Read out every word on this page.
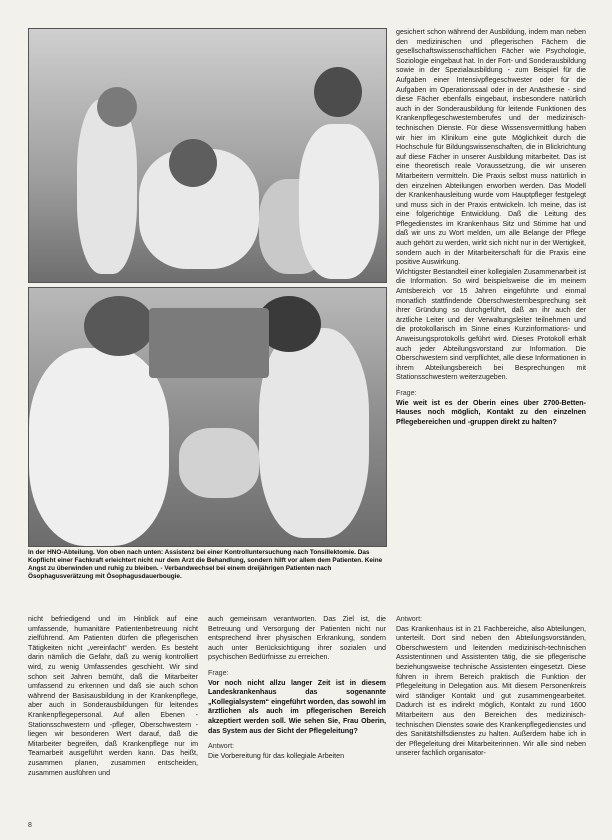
In der HNO-Abteilung. Von oben nach unten: Assistenz bei einer Kontrolluntersuchung nach Tonsillektomie. Das Kopflicht einer Fachkraft erleichtert nicht nur dem Arzt die Behandlung, sondern hilft vor allem dem Patienten. Keine Angst zu überwinden und ruhig zu bleiben. - Verbandwechsel bei einem dreijährigen Patienten nach Ösophagusverätzung mit Ösophagusdauerbougie.

gesichert schon während der Ausbildung, indem man neben den medizinischen und pflegerischen Fächern die gesellschaftswissenschaftlichen Fächer wie Psychologie, Soziologie eingebaut hat. In der Fort- und Sonderausbildung sowie in der Spezialausbildung - zum Beispiel für die Aufgaben einer Intensivpflegeschwester oder für die Aufgaben im Operationssaal oder in der Anästhesie - sind diese Fächer ebenfalls eingebaut, insbesondere natürlich auch in der Sonderausbildung für leitende Funktionen des Krankenpflegeschwesternberufes und der medizinisch-technischen Dienste. Für diese Wissensvermittlung haben wir hier im Klinikum eine gute Möglichkeit durch die Hochschule für Bildungswissenschaften, die in Blickrichtung auf diese Fächer in unserer Ausbildung mitarbeitet. Das ist eine theoretisch reale Voraussetzung, die wir unseren Mitarbeitern vermitteln. Die Praxis selbst muss natürlich in den einzelnen Abteilungen erworben werden. Das Modell der Krankenhausleitung wurde vom Hauptpfleger festgelegt und muss sich in der Praxis entwickeln. Ich meine, das ist eine folgerichtige Entwicklung. Daß die Leitung des Pflegedienstes im Krankenhaus Sitz und Stimme hat und daß wir uns zu Wort melden, um alle Belange der Pflege auch gehört zu werden, wirkt sich nicht nur in der Wertigkeit, sondern auch in der Mitarbeiterschaft für die Praxis eine positive Auswirkung.
Wichtigster Bestandteil einer kollegialen Zusammenarbeit ist die Information. So wird beispielsweise die im meinem Amtsbereich vor 15 Jahren eingeführte und einmal monatlich stattfindende Oberschwesternbesprechung seit ihrer Gründung so durchgeführt, daß an ihr auch der ärztliche Leiter und der Verwaltungsleiter teilnehmen und die protokollarisch im Sinne eines Kurzinformations- und Anweisungsprotokolls geführt wird. Dieses Protokoll erhält auch jeder Abteilungsvorstand zur Information. Die Oberschwestern sind verpflichtet, alle diese Informationen in ihrem Abteilungsbereich bei Besprechungen mit Stationsschwestern weiterzugeben.

Frage:
Wie weit ist es der Oberin eines über 2700-Betten-Hauses noch möglich, Kontakt zu den einzelnen Pflegebereichen und -gruppen direkt zu halten?

nicht befriedigend und im Hinblick auf eine umfassende, humanitäre Patientenbetreuung nicht zielführend. Am Patienten dürfen die pflegerischen Tätigkeiten nicht „vereinfacht“ werden. Es besteht darin nämlich die Gefahr, daß zu wenig kontrolliert wird, zu wenig Umfassendes geschieht. Wir sind schon seit Jahren bemüht, daß die Mitarbeiter umfassend zu erkennen und daß sie auch schon während der Basisausbildung in der Krankenpflege, aber auch in Sonderausbildungen für leitendes Krankenpflegepersonal. Auf allen Ebenen - Stationsschwestern und -pfleger, Oberschwestern - liegen wir besonderen Wert darauf, daß die Mitarbeiter begreifen, daß Krankenpflege nur im Teamarbeit ausgeführt werden kann. Das heißt, zusammen planen, zusammen entscheiden, zusammen ausführen und

auch gemeinsam verantworten. Das Ziel ist, die Betreuung und Versorgung der Patienten nicht nur entsprechend ihrer physischen Erkrankung, sondern auch unter Berücksichtigung ihrer sozialen und psychischen Bedürfnisse zu erreichen.

Frage:
Vor noch nicht allzu langer Zeit ist in diesem Landeskrankenhaus das sogenannte „Kollegialsystem“ eingeführt worden, das sowohl im ärztlichen als auch im pflegerischen Bereich akzeptiert werden soll. Wie sehen Sie, Frau Oberin, das System aus der Sicht der Pflegeleitung?

Antwort:
Die Vorbereitung für das kollegiale Arbeiten

Antwort:
Das Krankenhaus ist in 21 Fachbereiche, also Abteilungen, unterteilt. Dort sind neben den Abteilungsvorständen, Oberschwestern und leitenden medizinisch-technischen Assistentinnen und Assistenten tätig, die sie pflegerische beziehungsweise technische Assistenten eingesetzt. Diese führen in ihrem Bereich praktisch die Funktion der Pflegeleitung in Delegation aus. Mit diesem Personenkreis wird ständiger Kontakt und gut zusammengearbeitet. Dadurch ist es indirekt möglich, Kontakt zu rund 1600 Mitarbeitern aus den Bereichen des medizinisch-technischen Dienstes sowie des Krankenpflegedienstes und des Sanitätshilfsdienstes zu halten. Außerdem habe ich in der Pflegeleitung drei Mitarbeiterinnen. Wir alle sind neben unserer fachlich organisator-

8
